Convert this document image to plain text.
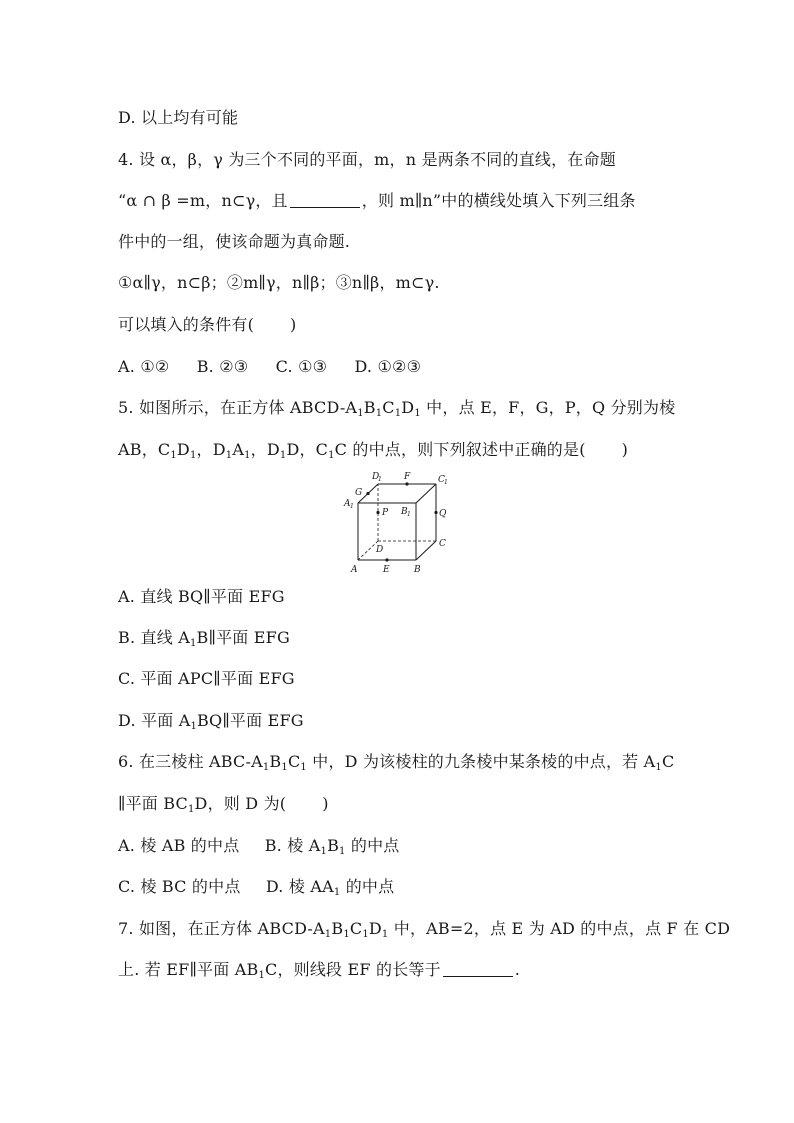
D. 以上均有可能
4. 设 α，β，γ 为三个不同的平面，m，n 是两条不同的直线，在命题
“α ∩ β =m，n⊂γ，且	，则 m∥n”中的横线处填入下列三组条
件中的一组，使该命题为真命题.
①α∥γ，n⊂β；②m∥γ，n∥β；③n∥β，m⊂γ.
可以填入的条件有( )
A. ①② B. ②③ C. ①③ D. ①②③
5. 如图所示，在正方体 ABCD-$A_1B_1C_1D_1$ 中，点 E，F，G，P，Q 分别为棱
AB，$C_1D_1$，$D_1A_1$，$D_1D$，$C_1C$ 的中点，则下列叙述中正确的是( )
A	E	B
C
D
Q
P B 1
A 1
G
D
1 F	C 1
A. 直线 BQ∥平面 EFG
B. 直线 $A_1B\parallel$平面 EFG
C. 平面 APC∥平面 EFG
D. 平面 $A_1BQ\parallel$平面 EFG
6. 在三棱柱 ABC-$A_1B_1C_1$ 中，D 为该棱柱的九条棱中某条棱的中点，若 $A_1C$
∥平面 $BC_1D$，则 D 为( )
A. 棱 AB 的中点 B. 棱 $A_1B_1$ 的中点
C. 棱 BC 的中点 D. 棱 $AA_1$ 的中点
7. 如图，在正方体 ABCD-$A_1B_1C_1D_1$ 中，AB=2，点 E 为 AD 的中点，点 F 在 CD
上. 若 EF∥平面 $AB_1C$，则线段 EF 的长等于	.
